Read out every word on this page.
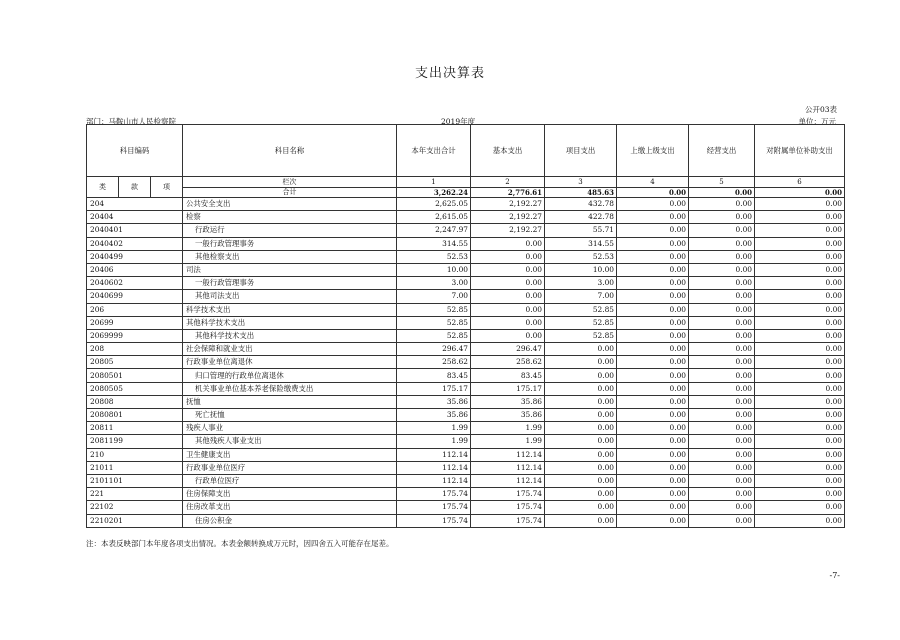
支出决算表
公开03表
部门：马鞍山市人民检察院	2019年度	单位：万元
科目编码			科目名称	本年支出合计	基本支出	项目支出	上缴上级支出	经营支出	对附属单位补助支出
类	款	项	栏次	1	2	3	4	5	6
			合计	3,262.24	2,776.61	485.63	0.00	0.00	0.00
204			公共安全支出	2,625.05	2,192.27	432.78	0.00	0.00	0.00
20404			检察	2,615.05	2,192.27	422.78	0.00	0.00	0.00
2040401			行政运行	2,247.97	2,192.27	55.71	0.00	0.00	0.00
2040402			一般行政管理事务	314.55	0.00	314.55	0.00	0.00	0.00
2040499			其他检察支出	52.53	0.00	52.53	0.00	0.00	0.00
20406			司法	10.00	0.00	10.00	0.00	0.00	0.00
2040602			一般行政管理事务	3.00	0.00	3.00	0.00	0.00	0.00
2040699			其他司法支出	7.00	0.00	7.00	0.00	0.00	0.00
206			科学技术支出	52.85	0.00	52.85	0.00	0.00	0.00
20699			其他科学技术支出	52.85	0.00	52.85	0.00	0.00	0.00
2069999			其他科学技术支出	52.85	0.00	52.85	0.00	0.00	0.00
208			社会保障和就业支出	296.47	296.47	0.00	0.00	0.00	0.00
20805			行政事业单位离退休	258.62	258.62	0.00	0.00	0.00	0.00
2080501			归口管理的行政单位离退休	83.45	83.45	0.00	0.00	0.00	0.00
2080505			机关事业单位基本养老保险缴费支出	175.17	175.17	0.00	0.00	0.00	0.00
20808			抚恤	35.86	35.86	0.00	0.00	0.00	0.00
2080801			死亡抚恤	35.86	35.86	0.00	0.00	0.00	0.00
20811			残疾人事业	1.99	1.99	0.00	0.00	0.00	0.00
2081199			其他残疾人事业支出	1.99	1.99	0.00	0.00	0.00	0.00
210			卫生健康支出	112.14	112.14	0.00	0.00	0.00	0.00
21011			行政事业单位医疗	112.14	112.14	0.00	0.00	0.00	0.00
2101101			行政单位医疗	112.14	112.14	0.00	0.00	0.00	0.00
221			住房保障支出	175.74	175.74	0.00	0.00	0.00	0.00
22102			住房改革支出	175.74	175.74	0.00	0.00	0.00	0.00
2210201			住房公积金	175.74	175.74	0.00	0.00	0.00	0.00
注：本表反映部门本年度各项支出情况。本表金额转换成万元时，因四舍五入可能存在尾差。
-7-
